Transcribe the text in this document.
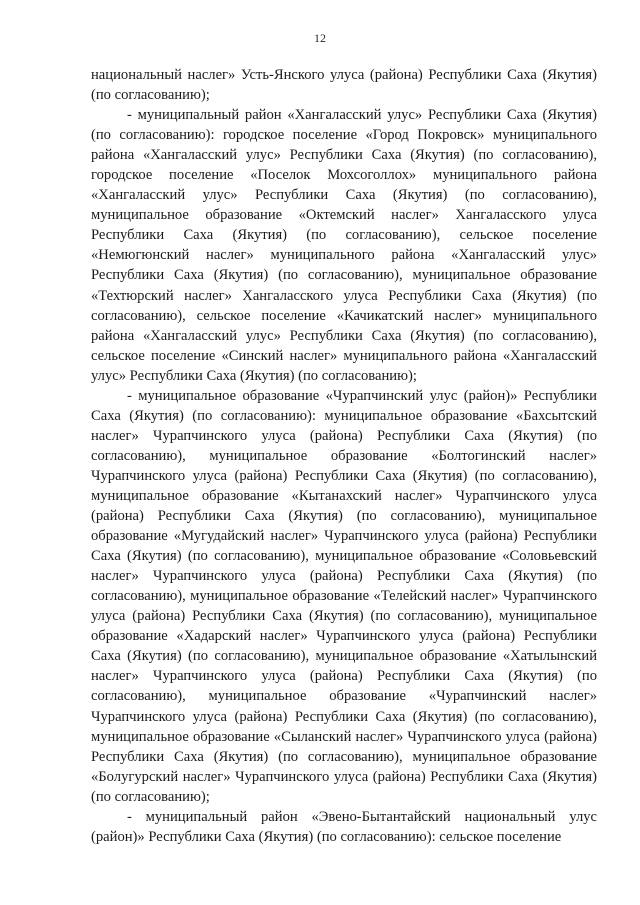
12

национальный наслег» Усть-Янского улуса (района) Республики Саха (Якутия) (по согласованию);

- муниципальный район «Хангаласский улус» Республики Саха (Якутия) (по согласованию): городское поселение «Город Покровск» муниципального района «Хангаласский улус» Республики Саха (Якутия) (по согласованию), городское поселение «Поселок Мохсоголлох» муниципального района «Хангаласский улус» Республики Саха (Якутия) (по согласованию), муниципальное образование «Октемский наслег» Хангаласского улуса Республики Саха (Якутия) (по согласованию), сельское поселение «Немюгюнский наслег» муниципального района «Хангаласский улус» Республики Саха (Якутия) (по согласованию), муниципальное образование «Техтюрский наслег» Хангаласского улуса Республики Саха (Якутия) (по согласованию), сельское поселение «Качикатский наслег» муниципального района «Хангаласский улус» Республики Саха (Якутия) (по согласованию), сельское поселение «Синский наслег» муниципального района «Хангаласский улус» Республики Саха (Якутия) (по согласованию);

- муниципальное образование «Чурапчинский улус (район)» Республики Саха (Якутия) (по согласованию): муниципальное образование «Бахсытский наслег» Чурапчинского улуса (района) Республики Саха (Якутия) (по согласованию), муниципальное образование «Болтогинский наслег» Чурапчинского улуса (района) Республики Саха (Якутия) (по согласованию), муниципальное образование «Кытанахский наслег» Чурапчинского улуса (района) Республики Саха (Якутия) (по согласованию), муниципальное образование «Мугудайский наслег» Чурапчинского улуса (района) Республики Саха (Якутия) (по согласованию), муниципальное образование «Соловьевский наслег» Чурапчинского улуса (района) Республики Саха (Якутия) (по согласованию), муниципальное образование «Телейский наслег» Чурапчинского улуса (района) Республики Саха (Якутия) (по согласованию), муниципальное образование «Хадарский наслег» Чурапчинского улуса (района) Республики Саха (Якутия) (по согласованию), муниципальное образование «Хатылынский наслег» Чурапчинского улуса (района) Республики Саха (Якутия) (по согласованию), муниципальное образование «Чурапчинский наслег» Чурапчинского улуса (района) Республики Саха (Якутия) (по согласованию), муниципальное образование «Сыланский наслег» Чурапчинского улуса (района) Республики Саха (Якутия) (по согласованию), муниципальное образование «Болугурский наслег» Чурапчинского улуса (района) Республики Саха (Якутия) (по согласованию);

- муниципальный район «Эвено-Бытантайский национальный улус (район)» Республики Саха (Якутия) (по согласованию): сельское поселение
